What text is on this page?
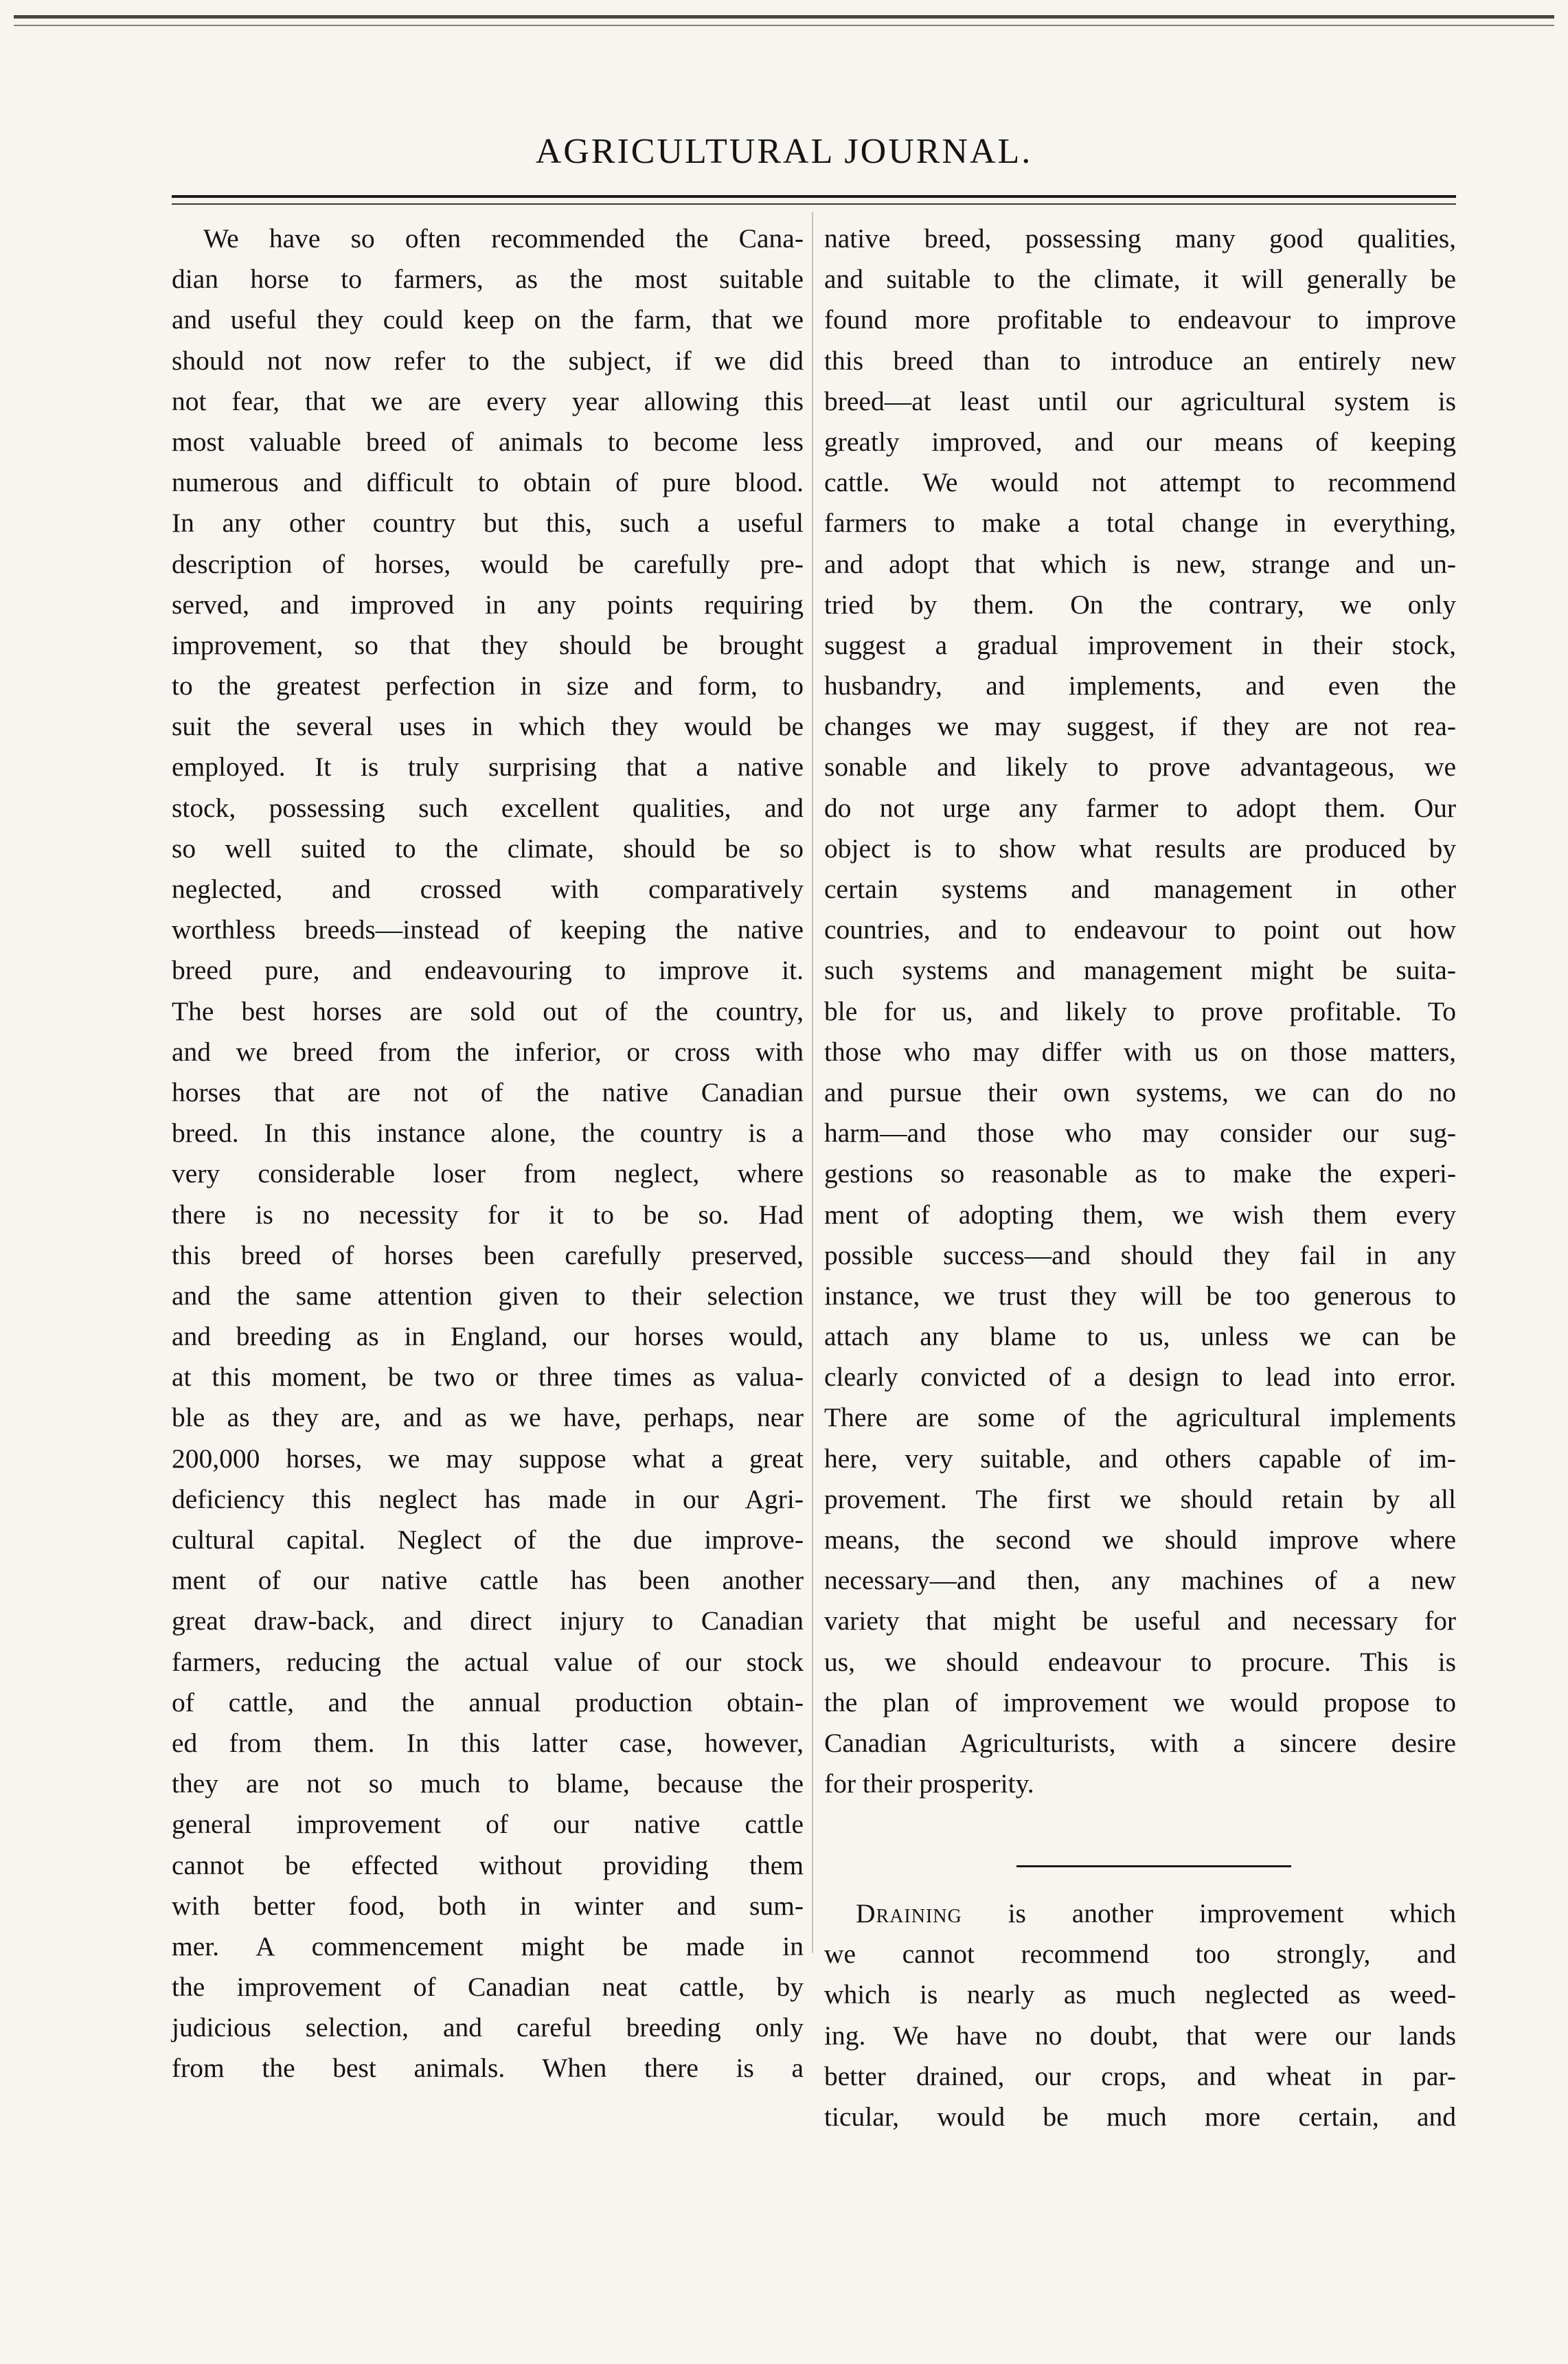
AGRICULTURAL JOURNAL.
We have so often recommended the Cana-
dian horse to farmers, as the most suitable
and useful they could keep on the farm, that we
should not now refer to the subject, if we did
not fear, that we are every year allowing this
most valuable breed of animals to become less
numerous and difficult to obtain of pure blood.
In any other country but this, such a useful
description of horses, would be carefully pre-
served, and improved in any points requiring
improvement, so that they should be brought
to the greatest perfection in size and form, to
suit the several uses in which they would be
employed. It is truly surprising that a native
stock, possessing such excellent qualities, and
so well suited to the climate, should be so
neglected, and crossed with comparatively
worthless breeds—instead of keeping the native
breed pure, and endeavouring to improve it.
The best horses are sold out of the country,
and we breed from the inferior, or cross with
horses that are not of the native Canadian
breed. In this instance alone, the country is a
very considerable loser from neglect, where
there is no necessity for it to be so. Had
this breed of horses been carefully preserved,
and the same attention given to their selection
and breeding as in England, our horses would,
at this moment, be two or three times as valua-
ble as they are, and as we have, perhaps, near
200,000 horses, we may suppose what a great
deficiency this neglect has made in our Agri-
cultural capital. Neglect of the due improve-
ment of our native cattle has been another
great draw-back, and direct injury to Canadian
farmers, reducing the actual value of our stock
of cattle, and the annual production obtain-
ed from them. In this latter case, however,
they are not so much to blame, because the
general improvement of our native cattle
cannot be effected without providing them
with better food, both in winter and sum-
mer. A commencement might be made in
the improvement of Canadian neat cattle, by
judicious selection, and careful breeding only
from the best animals. When there is a
native breed, possessing many good qualities,
and suitable to the climate, it will generally be
found more profitable to endeavour to improve
this breed than to introduce an entirely new
breed—at least until our agricultural system is
greatly improved, and our means of keeping
cattle. We would not attempt to recommend
farmers to make a total change in everything,
and adopt that which is new, strange and un-
tried by them. On the contrary, we only
suggest a gradual improvement in their stock,
husbandry, and implements, and even the
changes we may suggest, if they are not rea-
sonable and likely to prove advantageous, we
do not urge any farmer to adopt them. Our
object is to show what results are produced by
certain systems and management in other
countries, and to endeavour to point out how
such systems and management might be suita-
ble for us, and likely to prove profitable. To
those who may differ with us on those matters,
and pursue their own systems, we can do no
harm—and those who may consider our sug-
gestions so reasonable as to make the experi-
ment of adopting them, we wish them every
possible success—and should they fail in any
instance, we trust they will be too generous to
attach any blame to us, unless we can be
clearly convicted of a design to lead into error.
There are some of the agricultural implements
here, very suitable, and others capable of im-
provement. The first we should retain by all
means, the second we should improve where
necessary—and then, any machines of a new
variety that might be useful and necessary for
us, we should endeavour to procure. This is
the plan of improvement we would propose to
Canadian Agriculturists, with a sincere desire
for their prosperity.
Draining is another improvement which
we cannot recommend too strongly, and
which is nearly as much neglected as weed-
ing. We have no doubt, that were our lands
better drained, our crops, and wheat in par-
ticular, would be much more certain, and
